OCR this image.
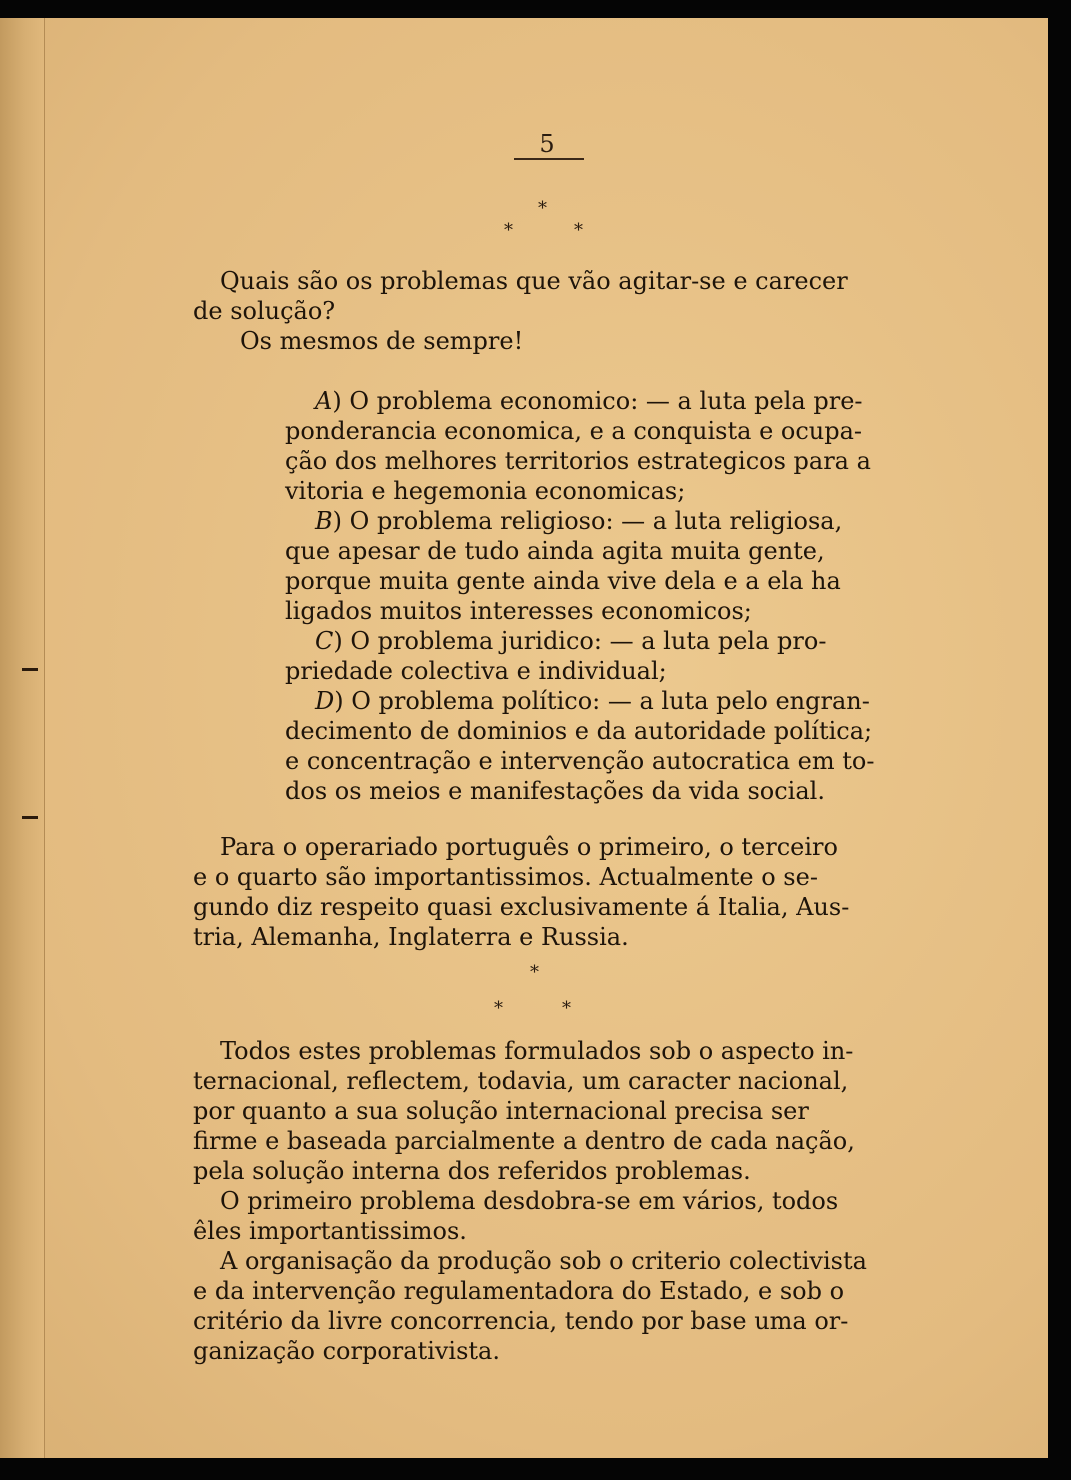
5
*
*	*
Quais são os problemas que vão agitar-se e carecer
de solução?
Os mesmos de sempre!
A) O problema economico: — a luta pela pre-
ponderancia economica, e a conquista e ocupa-
ção dos melhores territorios estrategicos para a
vitoria e hegemonia economicas;
B) O problema religioso: — a luta religiosa,
que apesar de tudo ainda agita muita gente,
porque muita gente ainda vive dela e a ela ha
ligados muitos interesses economicos;
C) O problema juridico: — a luta pela pro-
priedade colectiva e individual;
D) O problema político: — a luta pelo engran-
decimento de dominios e da autoridade política;
e concentração e intervenção autocratica em to-
dos os meios e manifestações da vida social.
Para o operariado português o primeiro, o terceiro
e o quarto são importantissimos. Actualmente o se-
gundo diz respeito quasi exclusivamente á Italia, Aus-
tria, Alemanha, Inglaterra e Russia.
*
*	*
Todos estes problemas formulados sob o aspecto in-
ternacional, reflectem, todavia, um caracter nacional,
por quanto a sua solução internacional precisa ser
firme e baseada parcialmente a dentro de cada nação,
pela solução interna dos referidos problemas.
O primeiro problema desdobra-se em vários, todos
êles importantissimos.
A organisação da produção sob o criterio colectivista
e da intervenção regulamentadora do Estado, e sob o
critério da livre concorrencia, tendo por base uma or-
ganização corporativista.
